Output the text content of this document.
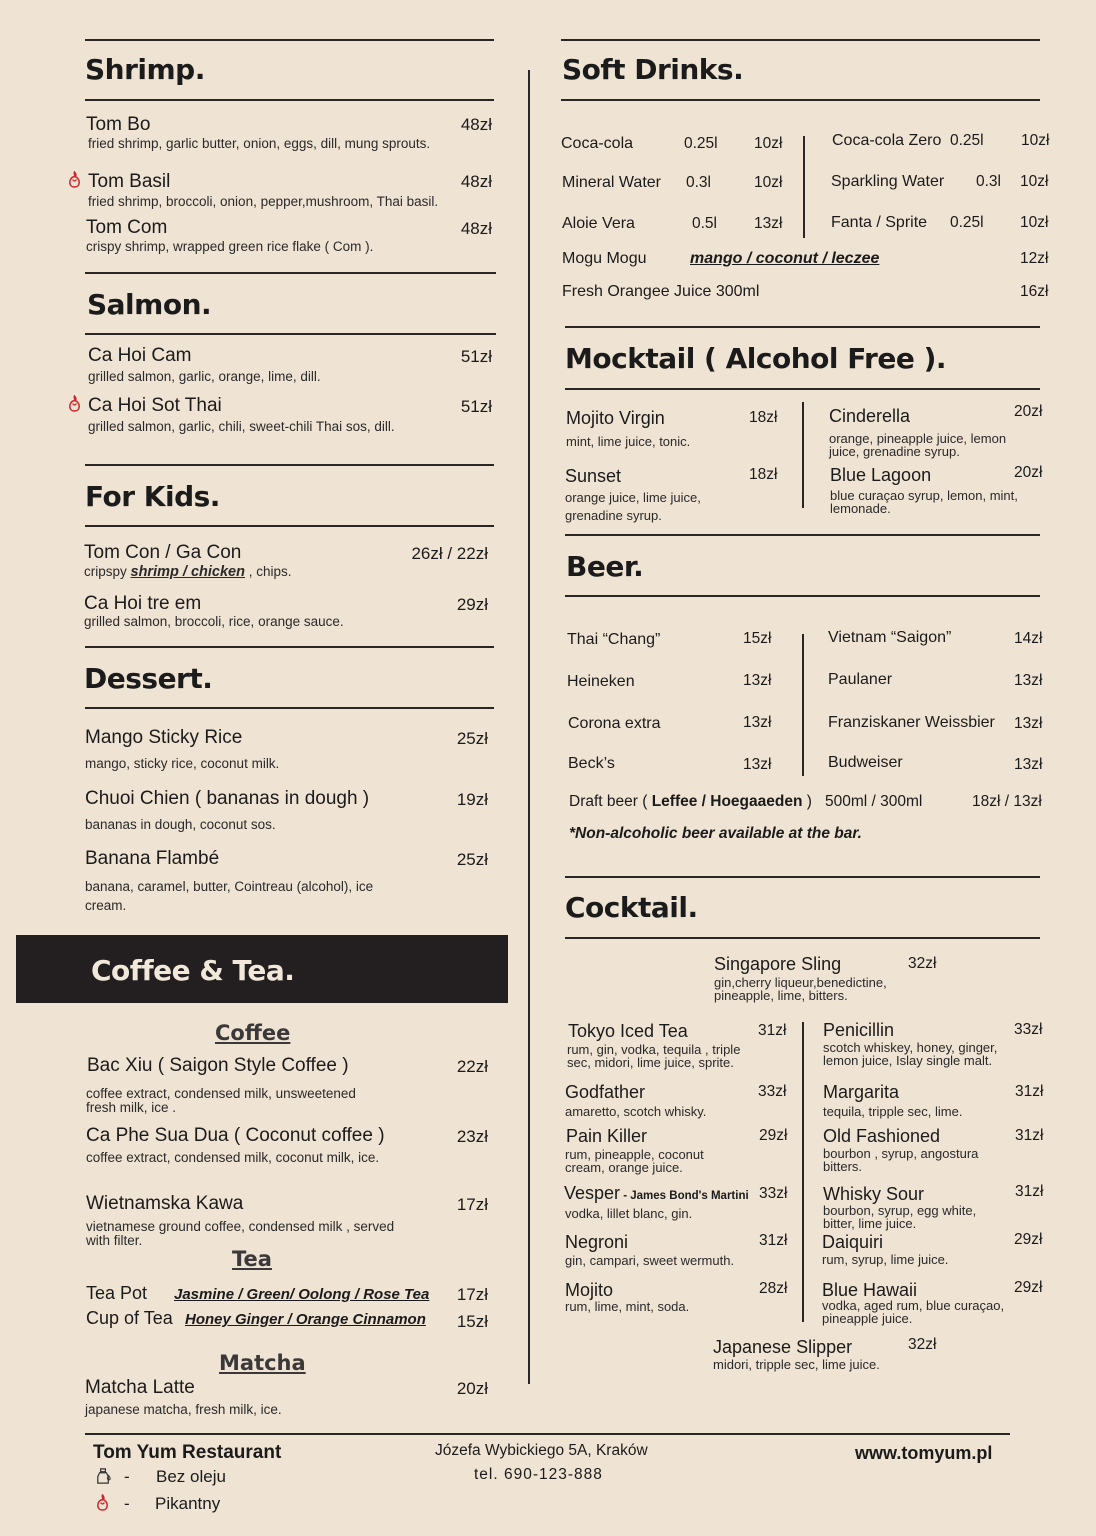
Shrimp.
Tom Bo	48zł
fried shrimp, garlic butter, onion, eggs, dill, mung sprouts.
Tom Basil	48zł
fried shrimp, broccoli, onion, pepper,mushroom, Thai basil.
Tom Com	48zł
crispy shrimp, wrapped green rice flake ( Com ).
Salmon.
Ca Hoi Cam	51zł
grilled salmon, garlic, orange, lime, dill.
Ca Hoi Sot Thai	51zł
grilled salmon, garlic, chili, sweet-chili Thai sos, dill.
For Kids.
Tom Con / Ga Con	26zł / 22zł
cripspy shrimp / chicken , chips.
Ca Hoi tre em	29zł
grilled salmon, broccoli, rice, orange sauce.
Dessert.
Mango Sticky Rice	25zł
mango, sticky rice, coconut milk.
Chuoi Chien ( bananas in dough )	19zł
bananas in dough, coconut sos.
Banana Flambé	25zł
banana, caramel, butter, Cointreau (alcohol), ice cream.
Coffee & Tea.
Coffee
Bac Xiu ( Saigon Style Coffee )	22zł
coffee extract, condensed milk, unsweetened fresh milk, ice .
Ca Phe Sua Dua ( Coconut coffee )	23zł
coffee extract, condensed milk, coconut milk, ice.
Wietnamska Kawa	17zł
vietnamese ground coffee, condensed milk , served with filter.
Tea
Tea Pot Jasmine / Green/ Oolong / Rose Tea	17zł
Cup of Tea Honey Ginger / Orange Cinnamon	15zł
Matcha
Matcha Latte	20zł
japanese matcha, fresh milk, ice.
Soft Drinks.
Coca-cola	0.25l 10zł
Mineral Water 0.3l	10zł
Aloie Vera	0.5l 13zł
Coca-cola Zero 0.25l 10zł
Sparkling Water 0.3l 10zł
Fanta / Sprite 0.25l 10zł
Mogu Mogu	mango / coconut / leczee	12zł
Fresh Orangee Juice 300ml	16zł
Mocktail ( Alcohol Free ).
Mojito Virgin	18zł
mint, lime juice, tonic.
Sunset	18zł
orange juice, lime juice, grenadine syrup.
Cinderella	20zł
orange, pineapple juice, lemon juice, grenadine syrup.
Blue Lagoon	20zł
blue curaçao syrup, lemon, mint, lemonade.
Beer.
Thai “Chang”	15zł
Heineken	13zł
Corona extra	13zł
Beck’s	13zł
Vietnam “Saigon”	14zł
Paulaner	13zł
Franziskaner Weissbier 13zł
Budweiser	13zł
Draft beer ( Leffee / Hoegaaeden ) 500ml / 300ml	18zł / 13zł
*Non-alcoholic beer available at the bar.
Cocktail.
Singapore Sling	32zł
gin,cherry liqueur,benedictine, pineapple, lime, bitters.
Tokyo Iced Tea	31zł
rum, gin, vodka, tequila , triple sec, midori, lime juice, sprite.
Godfather	33zł
amaretto, scotch whisky.
Pain Killer	29zł
rum, pineapple, coconut cream, orange juice.
Vesper - James Bond's Martini 33zł
vodka, lillet blanc, gin.
Negroni	31zł
gin, campari, sweet wermuth.
Mojito	28zł
rum, lime, mint, soda.
Penicillin	33zł
scotch whiskey, honey, ginger, lemon juice, Islay single malt.
Margarita	31zł
tequila, tripple sec, lime.
Old Fashioned	31zł
bourbon , syrup, angostura bitters.
Whisky Sour	31zł
bourbon, syrup, egg white, bitter, lime juice.
Daiquiri	29zł
rum, syrup, lime juice.
Blue Hawaii	29zł
vodka, aged rum, blue curaçao, pineapple juice.
Japanese Slipper	32zł
midori, tripple sec, lime juice.
Tom Yum Restaurant
- Bez oleju
- Pikantny
Józefa Wybickiego 5A, Kraków
tel. 690-123-888
www.tomyum.pl
